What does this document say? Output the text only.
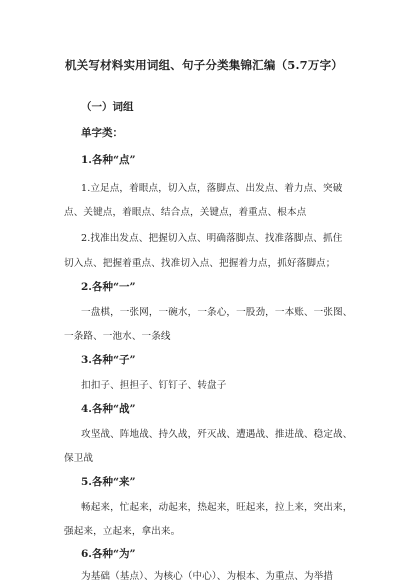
机关写材料实用词组、句子分类集锦汇编（5.7万字）
（一）词组
单字类：
1.各种“点”
1.立足点，着眼点，切入点，落脚点、出发点、着力点、突破
点、关键点，着眼点、结合点，关键点，着重点、根本点
2.找准出发点、把握切入点、明确落脚点、找准落脚点、抓住
切入点、把握着重点、找准切入点、把握着力点，抓好落脚点；
2.各种“一”
一盘棋，一张网，一碗水，一条心，一股劲，一本账、一张图、
一条路、一池水、一条线
3.各种“子”
扣扣子、担担子、钉钉子、转盘子
4.各种“战”
攻坚战、阵地战、持久战，歼灭战、遭遇战、推进战、稳定战、
保卫战
5.各种“来”
畅起来，忙起来，动起来，热起来，旺起来，拉上来，突出来，
强起来，立起来，拿出来。
6.各种“为”
为基础（基点）、为核心（中心）、为根本、为重点、为举措
